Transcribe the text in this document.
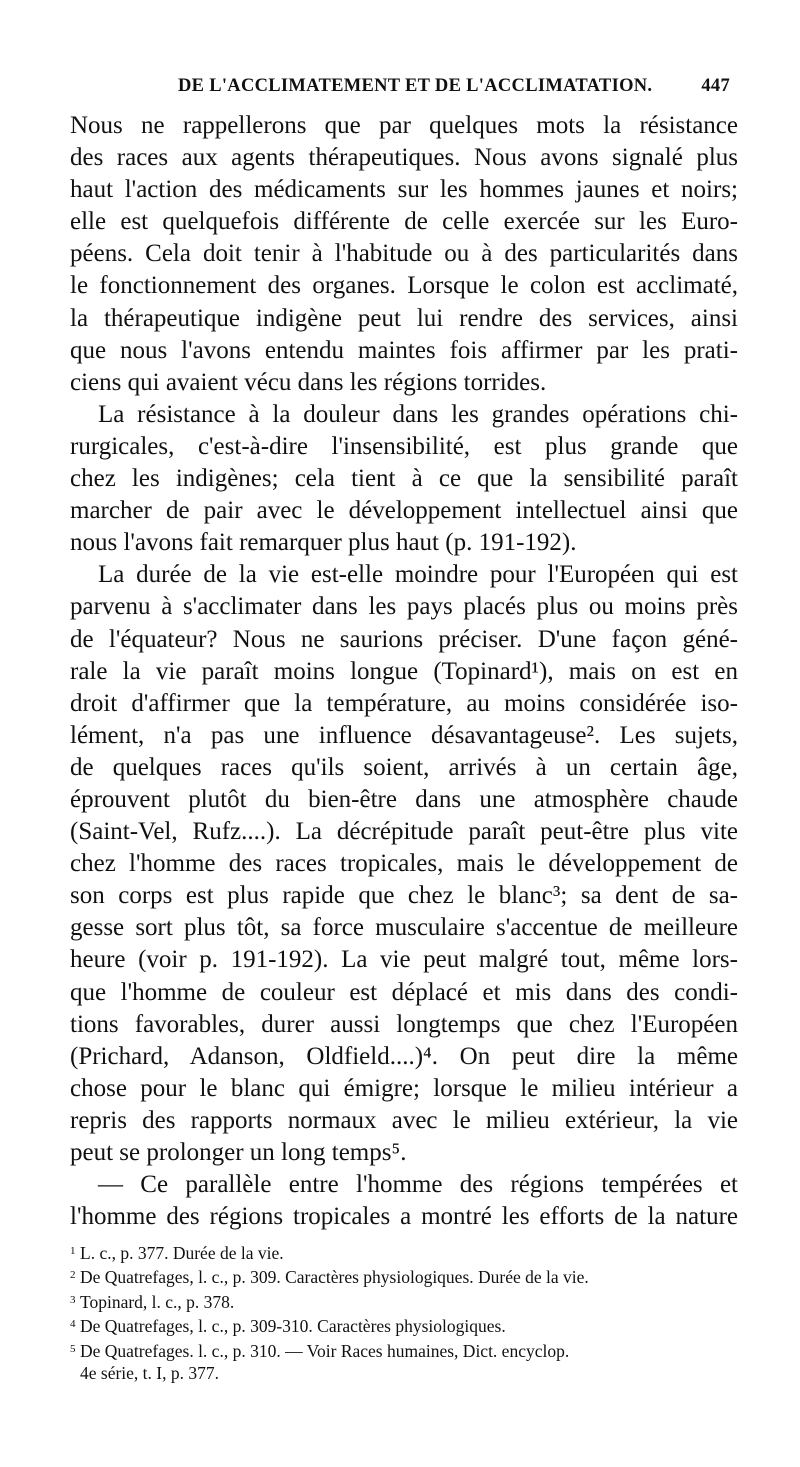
DE L'ACCLIMATEMENT ET DE L'ACCLIMATATION.	447
Nous ne rappellerons que par quelques mots la résistance
des races aux agents thérapeutiques. Nous avons signalé plus
haut l'action des médicaments sur les hommes jaunes et noirs;
elle est quelquefois différente de celle exercée sur les Euro-
péens. Cela doit tenir à l'habitude ou à des particularités dans
le fonctionnement des organes. Lorsque le colon est acclimaté,
la thérapeutique indigène peut lui rendre des services, ainsi
que nous l'avons entendu maintes fois affirmer par les prati-
ciens qui avaient vécu dans les régions torrides.
La résistance à la douleur dans les grandes opérations chi-
rurgicales, c'est-à-dire l'insensibilité, est plus grande que
chez les indigènes; cela tient à ce que la sensibilité paraît
marcher de pair avec le développement intellectuel ainsi que
nous l'avons fait remarquer plus haut (p. 191-192).
La durée de la vie est-elle moindre pour l'Européen qui est
parvenu à s'acclimater dans les pays placés plus ou moins près
de l'équateur? Nous ne saurions préciser. D'une façon géné-
rale la vie paraît moins longue (Topinard¹), mais on est en
droit d'affirmer que la température, au moins considérée iso-
lément, n'a pas une influence désavantageuse². Les sujets,
de quelques races qu'ils soient, arrivés à un certain âge,
éprouvent plutôt du bien-être dans une atmosphère chaude
(Saint-Vel, Rufz....). La décrépitude paraît peut-être plus vite
chez l'homme des races tropicales, mais le développement de
son corps est plus rapide que chez le blanc³; sa dent de sa-
gesse sort plus tôt, sa force musculaire s'accentue de meilleure
heure (voir p. 191-192). La vie peut malgré tout, même lors-
que l'homme de couleur est déplacé et mis dans des condi-
tions favorables, durer aussi longtemps que chez l'Européen
(Prichard, Adanson, Oldfield....)⁴. On peut dire la même
chose pour le blanc qui émigre; lorsque le milieu intérieur a
repris des rapports normaux avec le milieu extérieur, la vie
peut se prolonger un long temps⁵.
— Ce parallèle entre l'homme des régions tempérées et
l'homme des régions tropicales a montré les efforts de la nature
1 L. c., p. 377. Durée de la vie.
2 De Quatrefages, l. c., p. 309. Caractères physiologiques. Durée de la vie.
3 Topinard, l. c., p. 378.
4 De Quatrefages, l. c., p. 309-310. Caractères physiologiques.
5 De Quatrefages. l. c., p. 310. — Voir Races humaines, Dict. encyclop.
4e série, t. I, p. 377.
